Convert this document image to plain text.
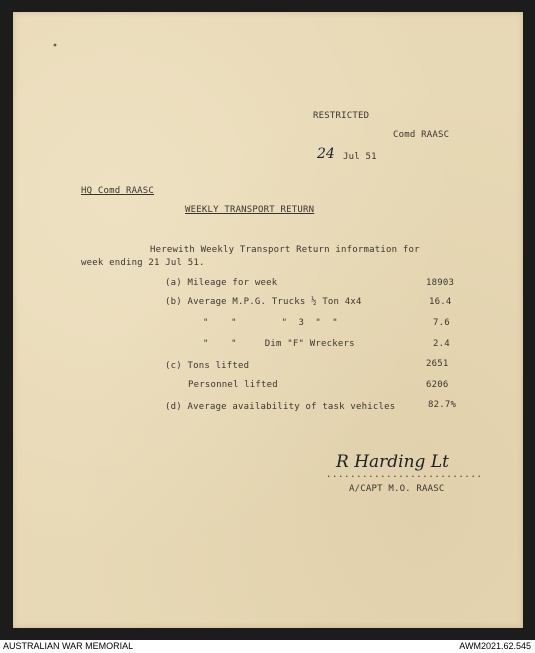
RESTRICTED
Comd RAASC
24 Jul 51
HQ Comd RAASC
WEEKLY TRANSPORT RETURN
Herewith Weekly Transport Return information for
week ending 21 Jul 51.
(a) Mileage for week	18903
(b) Average M.P.G. Trucks ½ Ton 4x4	16.4
"    "        "  3  "  "	7.6
"    "     Dim "F" Wreckers	2.4
(c) Tons lifted	2651
Personnel lifted	6206
(d) Average availability of task vehicles	82.7%
R Harding Lt
..........................
A/CAPT M.O. RAASC
AUSTRALIAN WAR MEMORIAL	AWM2021.62.545
